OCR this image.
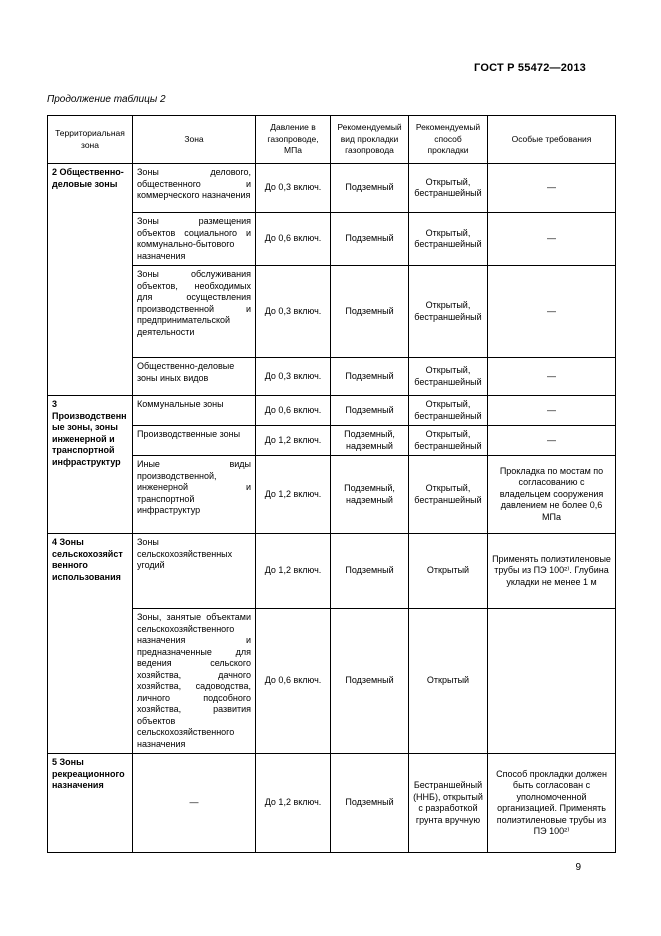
ГОСТ Р 55472—2013
Продолжение таблицы 2
Территориальная зона	Зона	Давление в газопроводе, МПа	Рекомендуемый вид прокладки газопровода	Рекомендуемый способ прокладки	Особые требования
2 Общественно-деловые зоны	Зоны делового, общественного и коммерческого назначения	До 0,3 включ.	Подземный	Открытый, бестраншейный	—
	Зоны размещения объектов социального и коммунально-бытового назначения	До 0,6 включ.	Подземный	Открытый, бестраншейный	—
	Зоны обслуживания объектов, необходимых для осуществления производственной и предпринимательской деятельности	До 0,3 включ.	Подземный	Открытый, бестраншейный	—
	Общественно-деловые зоны иных видов	До 0,3 включ.	Подземный	Открытый, бестраншейный	—
3 Производственные зоны, зоны инженерной и транспортной инфраструктур	Коммунальные зоны	До 0,6 включ.	Подземный	Открытый, бестраншейный	—
	Производственные зоны	До 1,2 включ.	Подземный, надземный	Открытый, бестраншейный	—
	Иные виды производственной, инженерной и транспортной инфраструктур	До 1,2 включ.	Подземный, надземный	Открытый, бестраншейный	Прокладка по мостам по согласованию с владельцем сооружения давлением не более 0,6 МПа
4 Зоны сельскохозяйственного использования	Зоны сельскохозяйственных угодий	До 1,2 включ.	Подземный	Открытый	Применять полиэтиленовые трубы из ПЭ 100²⁾. Глубина укладки не менее 1 м
	Зоны, занятые объектами сельскохозяйственного назначения и предназначенные для ведения сельского хозяйства, дачного хозяйства, садоводства, личного подсобного хозяйства, развития объектов сельскохозяйственного назначения	До 0,6 включ.	Подземный	Открытый	
5 Зоны рекреационного назначения	—	До 1,2 включ.	Подземный	Бестраншейный (ННБ), открытый с разработкой грунта вручную	Способ прокладки должен быть согласован с уполномоченной организацией. Применять полиэтиленовые трубы из ПЭ 100²⁾
9
